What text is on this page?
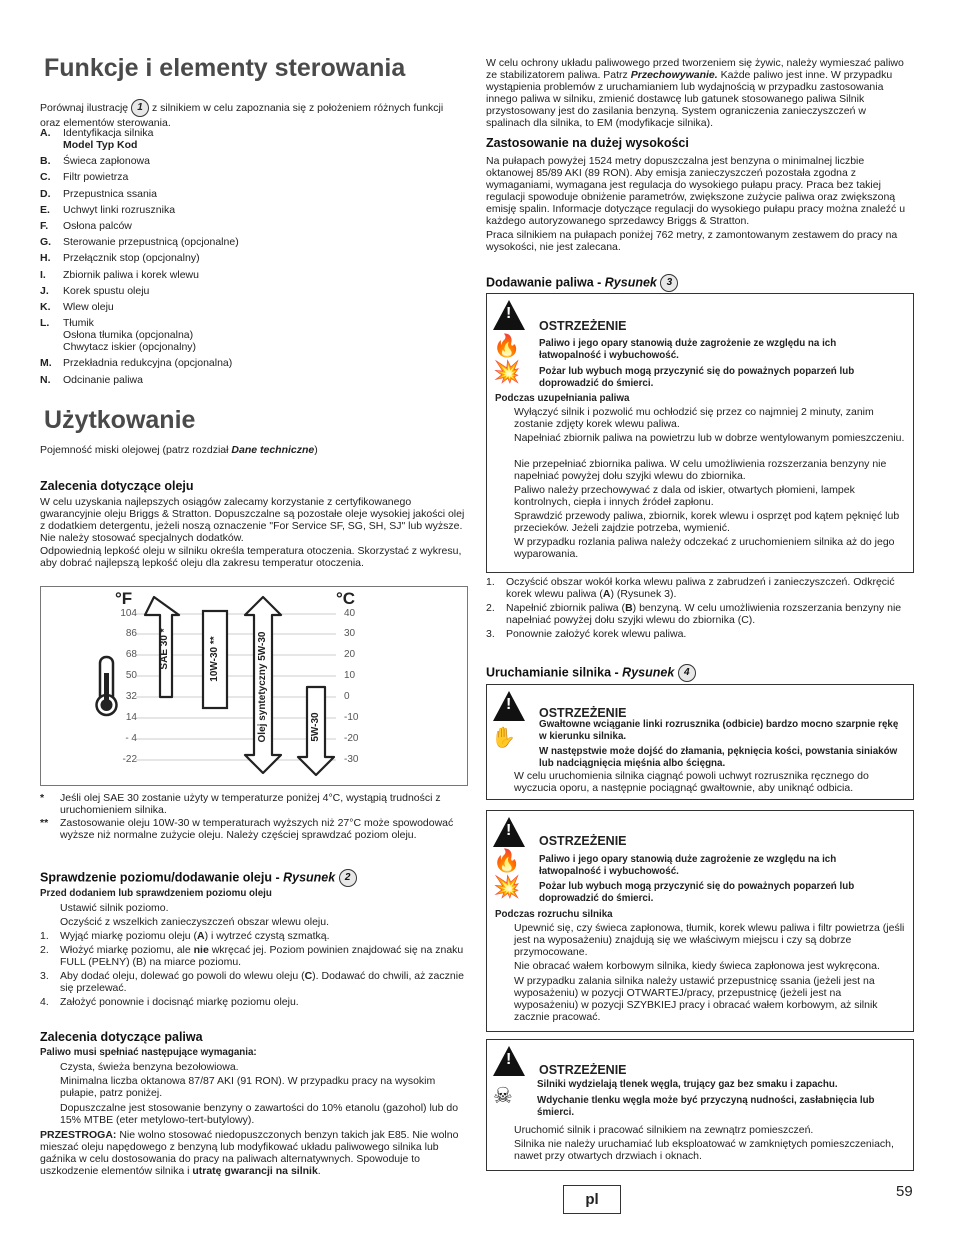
Funkcje i elementy sterowania

Porównaj ilustrację 1 z silnikiem w celu zapoznania się z położeniem różnych funkcji
oraz elementów sterowania.

A.	Identyfikacja silnika
Model Typ Kod
B.	Świeca zapłonowa
C.	Filtr powietrza
D.	Przepustnica ssania
E.	Uchwyt linki rozrusznika
F.	Osłona palców
G.	Sterowanie przepustnicą (opcjonalne)
H.	Przełącznik stop (opcjonalny)
I.	Zbiornik paliwa i korek wlewu
J.	Korek spustu oleju
K.	Wlew oleju
L.	Tłumik
Osłona tłumika (opcjonalna)
Chwytacz iskier (opcjonalny)
M.	Przekładnia redukcyjna (opcjonalna)
N.	Odcinanie paliwa
Użytkowanie

Pojemność miski olejowej (patrz rozdział Dane techniczne)

Zalecenia dotyczące oleju

W celu uzyskania najlepszych osiągów zalecamy korzystanie z certyfikowanego gwarancyjnie oleju Briggs & Stratton. Dopuszczalne są pozostałe oleje wysokiej jakości olej z dodatkiem detergentu, jeżeli noszą oznaczenie "For Service SF, SG, SH, SJ" lub wyższe. Nie należy stosować specjalnych dodatków.

Odpowiednią lepkość oleju w silniku określa temperatura otoczenia. Skorzystać z wykresu, aby dobrać najlepszą lepkość oleju dla zakresu temperatur otoczenia.

°F	°C
104
86
68
50
32
14
- 4
-22
40
30
20
10
0
-10
-20
-30
SAE 30 *	10W-30 **	Olej syntetyczny 5W-30	5W-30
* Jeśli olej SAE 30 zostanie użyty w temperaturze poniżej 4°C, wystąpią trudności z uruchomieniem silnika.
** Zastosowanie oleju 10W-30 w temperaturach wyższych niż 27°C może spowodować wyższe niż normalne zużycie oleju. Należy częściej sprawdzać poziom oleju.
Sprawdzenie poziomu/dodawanie oleju - Rysunek 2

Przed dodaniem lub sprawdzeniem poziomu oleju

Ustawić silnik poziomo.

Oczyścić z wszelkich zanieczyszczeń obszar wlewu oleju.

1. Wyjąć miarkę poziomu oleju (A) i wytrzeć czystą szmatką.
2. Włożyć miarkę poziomu, ale nie wkręcać jej. Poziom powinien znajdować się na znaku FULL (PEŁNY) (B) na miarce poziomu.
3. Aby dodać oleju, dolewać go powoli do wlewu oleju (C). Dodawać do chwili, aż zacznie się przelewać.
4. Założyć ponownie i docisnąć miarkę poziomu oleju.
Zalecenia dotyczące paliwa

Paliwo musi spełniać następujące wymagania:

Czysta, świeża benzyna bezołowiowa.

Minimalna liczba oktanowa 87/87 AKI (91 RON). W przypadku pracy na wysokim pułapie, patrz poniżej.

Dopuszczalne jest stosowanie benzyny o zawartości do 10% etanolu (gazohol) lub do 15% MTBE (eter metylowo-tert-butylowy).

PRZESTROGA: Nie wolno stosować niedopuszczonych benzyn takich jak E85. Nie wolno mieszać oleju napędowego z benzyną lub modyfikować układu paliwowego silnika lub gaźnika w celu dostosowania do pracy na paliwach alternatywnych. Spowoduje to uszkodzenie elementów silnika i utratę gwarancji na silnik.

W celu ochrony układu paliwowego przed tworzeniem się żywic, należy wymieszać paliwo ze stabilizatorem paliwa. Patrz Przechowywanie. Każde paliwo jest inne. W przypadku wystąpienia problemów z uruchamianiem lub wydajnością w przypadku zastosowania innego paliwa w silniku, zmienić dostawcę lub gatunek stosowanego paliwa Silnik przystosowany jest do zasilania benzyną. System ograniczenia zanieczyszczeń w spalinach dla silnika, to EM (modyfikacje silnika).

Zastosowanie na dużej wysokości

Na pułapach powyżej 1524 metry dopuszczalna jest benzyna o minimalnej liczbie oktanowej 85/89 AKI (89 RON). Aby emisja zanieczyszczeń pozostała zgodna z wymaganiami, wymagana jest regulacja do wysokiego pułapu pracy. Praca bez takiej regulacji spowoduje obniżenie parametrów, zwiększone zużycie paliwa oraz zwiększoną emisję spalin. Informacje dotyczące regulacji do wysokiego pułapu pracy można znaleźć u każdego autoryzowanego sprzedawcy Briggs & Stratton.

Praca silnikiem na pułapach poniżej 762 metry, z zamontowanym zestawem do pracy na wysokości, nie jest zalecana.

Dodawanie paliwa - Rysunek 3
!
🔥
💥
OSTRZEŻENIE

Paliwo i jego opary stanowią duże zagrożenie ze względu na ich łatwopalność i wybuchowość.

Pożar lub wybuch mogą przyczynić się do poważnych poparzeń lub doprowadzić do śmierci.

Podczas uzupełniania paliwa

Wyłączyć silnik i pozwolić mu ochłodzić się przez co najmniej 2 minuty, zanim zostanie zdjęty korek wlewu paliwa.

Napełniać zbiornik paliwa na powietrzu lub w dobrze wentylowanym pomieszczeniu.

Nie przepełniać zbiornika paliwa. W celu umożliwienia rozszerzania benzyny nie napełniać powyżej dołu szyjki wlewu do zbiornika.

Paliwo należy przechowywać z dala od iskier, otwartych płomieni, lampek kontrolnych, ciepła i innych źródeł zapłonu.

Sprawdzić przewody paliwa, zbiornik, korek wlewu i osprzęt pod kątem pęknięć lub przecieków. Jeżeli zajdzie potrzeba, wymienić.

W przypadku rozlania paliwa należy odczekać z uruchomieniem silnika aż do jego wyparowania.

1. Oczyścić obszar wokół korka wlewu paliwa z zabrudzeń i zanieczyszczeń. Odkręcić korek wlewu paliwa (A) (Rysunek 3).
2. Napełnić zbiornik paliwa (B) benzyną. W celu umożliwienia rozszerzania benzyny nie napełniać powyżej dołu szyjki wlewu do zbiornika (C).
3. Ponownie założyć korek wlewu paliwa.
Uruchamianie silnika - Rysunek 4
!
✋
OSTRZEŻENIE

Gwałtowne wciąganie linki rozrusznika (odbicie) bardzo mocno szarpnie rękę w kierunku silnika.

W następstwie może dojść do złamania, pęknięcia kości, powstania siniaków lub nadciągnięcia mięśnia albo ścięgna.

W celu uruchomienia silnika ciągnąć powoli uchwyt rozrusznika ręcznego do wyczucia oporu, a następnie pociągnąć gwałtownie, aby uniknąć odbicia.

!
🔥
💥
OSTRZEŻENIE

Paliwo i jego opary stanowią duże zagrożenie ze względu na ich łatwopalność i wybuchowość.

Pożar lub wybuch mogą przyczynić się do poważnych poparzeń lub doprowadzić do śmierci.

Podczas rozruchu silnika

Upewnić się, czy świeca zapłonowa, tłumik, korek wlewu paliwa i filtr powietrza (jeśli jest na wyposażeniu) znajdują się we właściwym miejscu i czy są dobrze przymocowane.

Nie obracać wałem korbowym silnika, kiedy świeca zapłonowa jest wykręcona.

W przypadku zalania silnika należy ustawić przepustnicę ssania (jeżeli jest na wyposażeniu) w pozycji OTWARTEJ/pracy, przepustnicę (jeżeli jest na wyposażeniu) w pozycji SZYBKIEJ pracy i obracać wałem korbowym, aż silnik zacznie pracować.

!
☠
OSTRZEŻENIE

Silniki wydzielają tlenek węgla, trujący gaz bez smaku i zapachu.

Wdychanie tlenku węgla może być przyczyną nudności, zasłabnięcia lub śmierci.

Uruchomić silnik i pracować silnikiem na zewnątrz pomieszczeń.

Silnika nie należy uruchamiać lub eksploatować w zamkniętych pomieszczeniach, nawet przy otwartych drzwiach i oknach.

pl	59
